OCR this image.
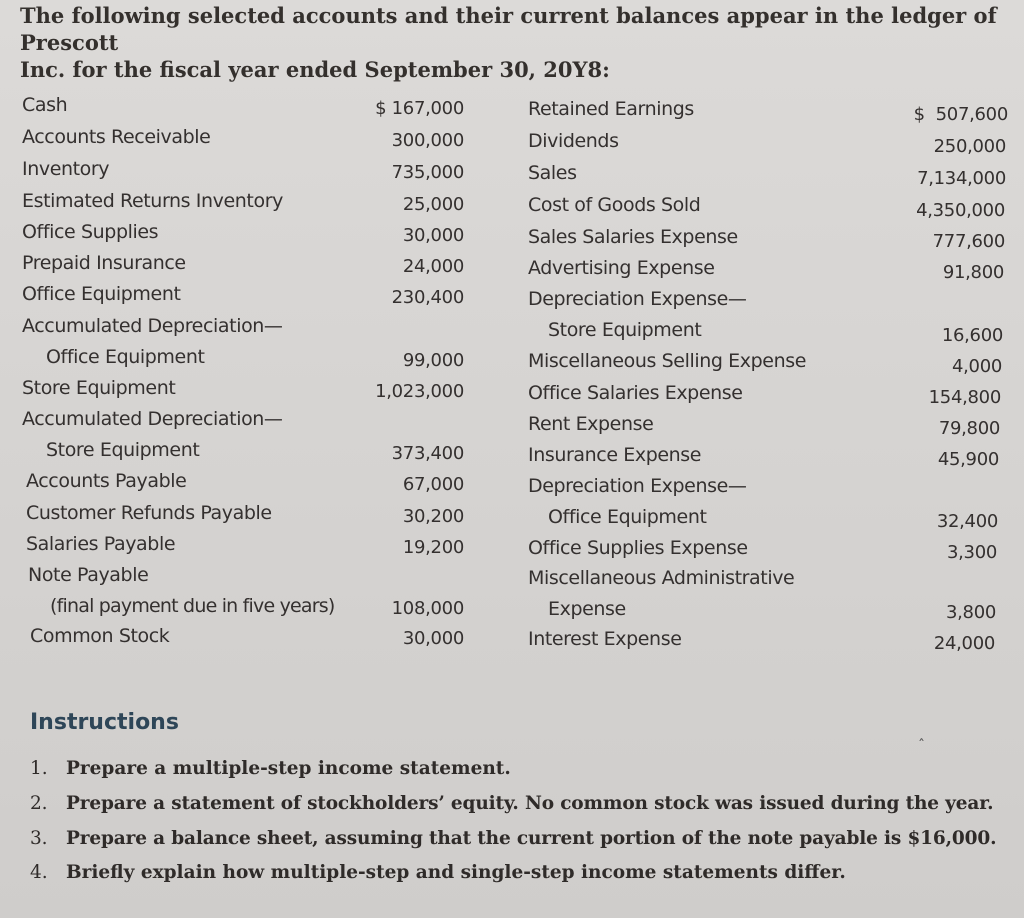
The following selected accounts and their current balances appear in the ledger of Prescott
Inc. for the fiscal year ended September 30, 20Y8:
Cash
Accounts Receivable
Inventory
Estimated Returns Inventory
Office Supplies
Prepaid Insurance
Office Equipment
Accumulated Depreciation—
Office Equipment
Store Equipment
Accumulated Depreciation—
Store Equipment
Accounts Payable
Customer Refunds Payable
Salaries Payable
Note Payable
(final payment due in five years)
Common Stock
$ 167,000
300,000
735,000
25,000
30,000
24,000
230,400
99,000
1,023,000
373,400
67,000
30,200
19,200
108,000
30,000
Retained Earnings
Dividends
Sales
Cost of Goods Sold
Sales Salaries Expense
Advertising Expense
Depreciation Expense—
Store Equipment
Miscellaneous Selling Expense
Office Salaries Expense
Rent Expense
Insurance Expense
Depreciation Expense—
Office Equipment
Office Supplies Expense
Miscellaneous Administrative
Expense
Interest Expense
$  507,600
250,000
7,134,000
4,350,000
777,600
91,800
16,600
4,000
154,800
79,800
45,900
32,400
3,300
3,800
24,000
Instructions
ˆ
1. Prepare a multiple-step income statement.
2. Prepare a statement of stockholders’ equity. No common stock was issued during the year.
3. Prepare a balance sheet, assuming that the current portion of the note payable is $16,000.
4. Briefly explain how multiple-step and single-step income statements differ.
